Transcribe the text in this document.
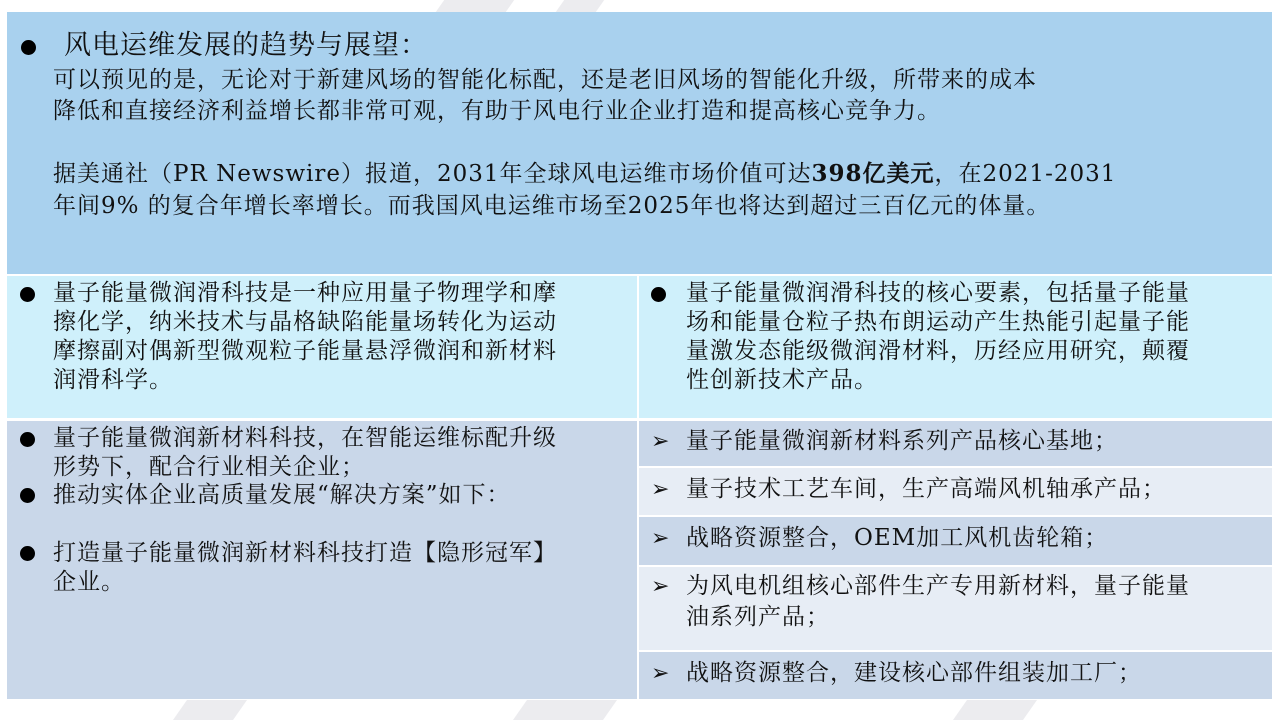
风电运维发展的趋势与展望：
可以预见的是，无论对于新建风场的智能化标配，还是老旧风场的智能化升级，所带来的成本
降低和直接经济利益增长都非常可观，有助于风电行业企业打造和提高核心竞争力。
据美通社（PR Newswire）报道，2031年全球风电运维市场价值可达398亿美元，在2021-2031
年间9% 的复合年增长率增长。而我国风电运维市场至2025年也将达到超过三百亿元的体量。
量子能量微润滑科技是一种应用量子物理学和摩
擦化学，纳米技术与晶格缺陷能量场转化为运动
摩擦副对偶新型微观粒子能量悬浮微润和新材料
润滑科学。
量子能量微润滑科技的核心要素，包括量子能量
场和能量仓粒子热布朗运动产生热能引起量子能
量激发态能级微润滑材料，历经应用研究，颠覆
性创新技术产品。
量子能量微润新材料科技，在智能运维标配升级
形势下，配合行业相关企业；
推动实体企业高质量发展“解决方案”如下：
打造量子能量微润新材料科技打造【隐形冠军】
企业。
➢ 量子能量微润新材料系列产品核心基地；
➢ 量子技术工艺车间，生产高端风机轴承产品；
➢ 战略资源整合，OEM加工风机齿轮箱；
➢ 为风电机组核心部件生产专用新材料，量子能量
油系列产品；
➢ 战略资源整合，建设核心部件组装加工厂；
